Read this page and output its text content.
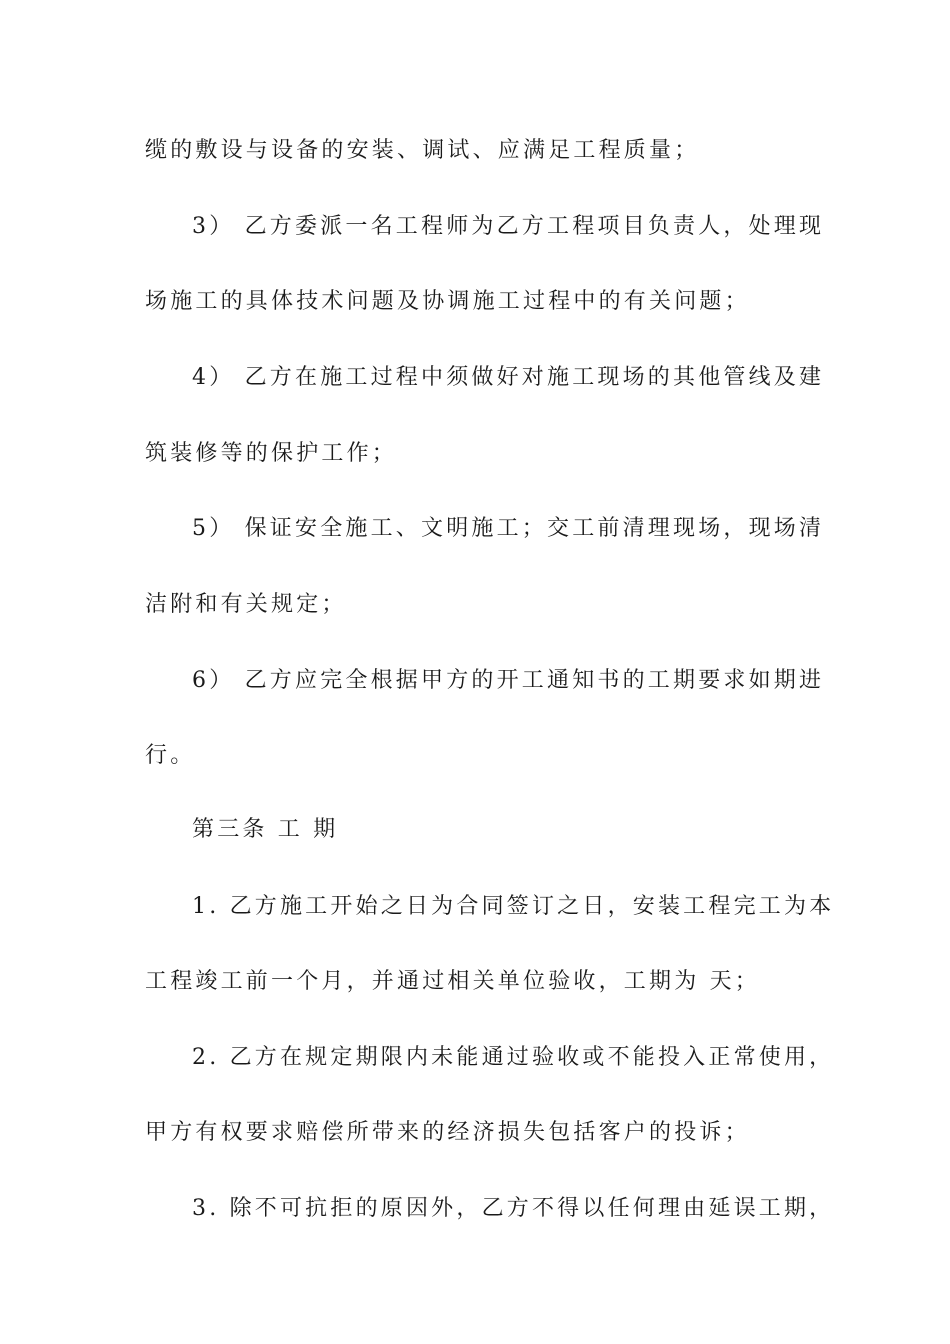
缆的敷设与设备的安装、调试、应满足工程质量；
3） 乙方委派一名工程师为乙方工程项目负责人，处理现
场施工的具体技术问题及协调施工过程中的有关问题；
4） 乙方在施工过程中须做好对施工现场的其他管线及建
筑装修等的保护工作；
5） 保证安全施工、文明施工；交工前清理现场，现场清
洁附和有关规定；
6） 乙方应完全根据甲方的开工通知书的工期要求如期进
行。
第三条 工 期
1. 乙方施工开始之日为合同签订之日，安装工程完工为本
工程竣工前一个月，并通过相关单位验收，工期为 天；
2. 乙方在规定期限内未能通过验收或不能投入正常使用，
甲方有权要求赔偿所带来的经济损失包括客户的投诉；
3. 除不可抗拒的原因外，乙方不得以任何理由延误工期，
